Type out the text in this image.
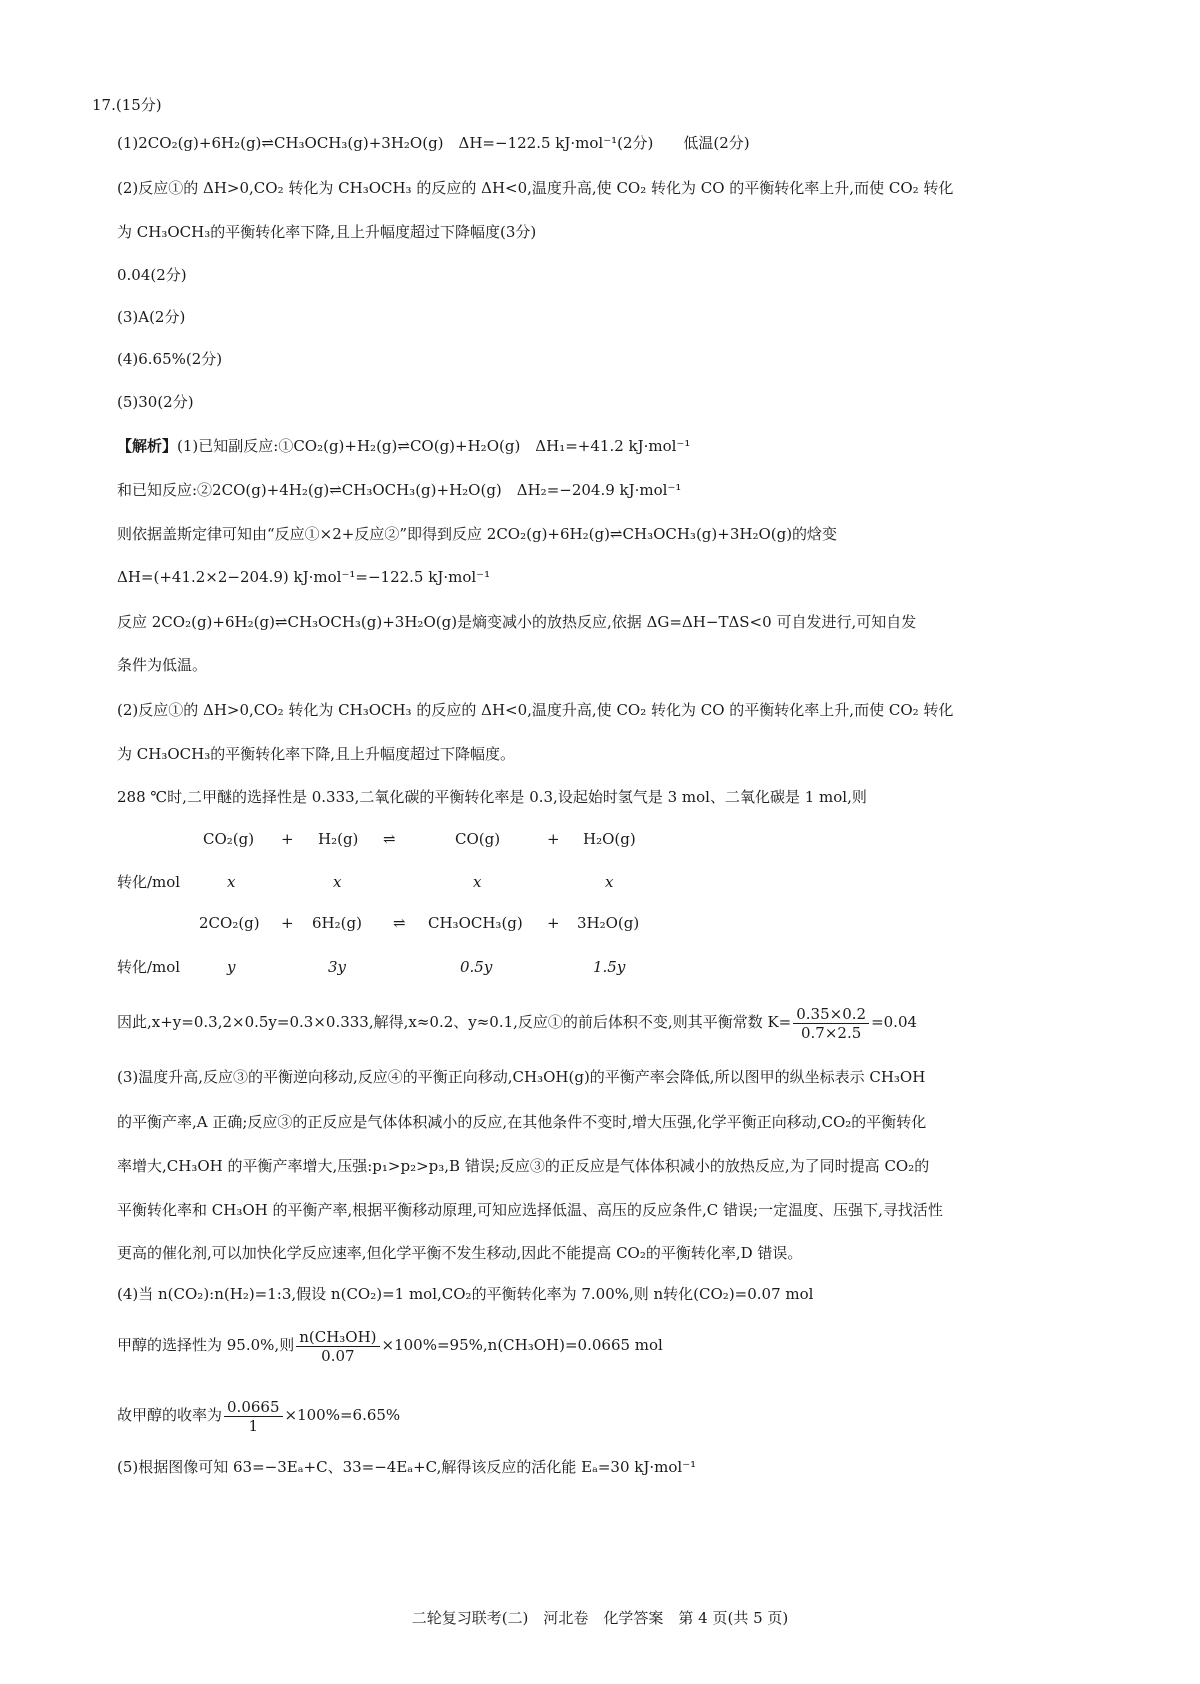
17.(15分)
(1)2CO₂(g)+6H₂(g)⇌CH₃OCH₃(g)+3H₂O(g)　ΔH=−122.5 kJ·mol⁻¹(2分)　　低温(2分)
(2)反应①的 ΔH>0,CO₂ 转化为 CH₃OCH₃ 的反应的 ΔH<0,温度升高,使 CO₂ 转化为 CO 的平衡转化率上升,而使 CO₂ 转化
为 CH₃OCH₃的平衡转化率下降,且上升幅度超过下降幅度(3分)
0.04(2分)
(3)A(2分)
(4)6.65%(2分)
(5)30(2分)
【解析】(1)已知副反应:①CO₂(g)+H₂(g)⇌CO(g)+H₂O(g)　ΔH₁=+41.2 kJ·mol⁻¹
和已知反应:②2CO(g)+4H₂(g)⇌CH₃OCH₃(g)+H₂O(g)　ΔH₂=−204.9 kJ·mol⁻¹
则依据盖斯定律可知由“反应①×2+反应②”即得到反应 2CO₂(g)+6H₂(g)⇌CH₃OCH₃(g)+3H₂O(g)的焓变
ΔH=(+41.2×2−204.9) kJ·mol⁻¹=−122.5 kJ·mol⁻¹
反应 2CO₂(g)+6H₂(g)⇌CH₃OCH₃(g)+3H₂O(g)是熵变减小的放热反应,依据 ΔG=ΔH−TΔS<0 可自发进行,可知自发
条件为低温。
(2)反应①的 ΔH>0,CO₂ 转化为 CH₃OCH₃ 的反应的 ΔH<0,温度升高,使 CO₂ 转化为 CO 的平衡转化率上升,而使 CO₂ 转化
为 CH₃OCH₃的平衡转化率下降,且上升幅度超过下降幅度。
288 ℃时,二甲醚的选择性是 0.333,二氧化碳的平衡转化率是 0.3,设起始时氢气是 3 mol、二氧化碳是 1 mol,则
CO₂(g) + H₂(g) ⇌	CO(g)	+ H₂O(g)
转化/mol	x	x	x	x
2CO₂(g) + 6H₂(g) ⇌ CH₃OCH₃(g) + 3H₂O(g)
转化/mol	y	3y	0.5y	1.5y
因此,x+y=0.3,2×0.5y=0.3×0.333,解得,x≈0.2、y≈0.1,反应①的前后体积不变,则其平衡常数 $K= \frac{0.35\times 0.2}{0.7\times 2.5} =0.04$
(3)温度升高,反应③的平衡逆向移动,反应④的平衡正向移动,CH₃OH(g)的平衡产率会降低,所以图甲的纵坐标表示 CH₃OH
的平衡产率,A 正确;反应③的正反应是气体体积减小的反应,在其他条件不变时,增大压强,化学平衡正向移动,CO₂的平衡转化
率增大,CH₃OH 的平衡产率增大,压强:p₁>p₂>p₃,B 错误;反应③的正反应是气体体积减小的放热反应,为了同时提高 CO₂的
平衡转化率和 CH₃OH 的平衡产率,根据平衡移动原理,可知应选择低温、高压的反应条件,C 错误;一定温度、压强下,寻找活性
更高的催化剂,可以加快化学反应速率,但化学平衡不发生移动,因此不能提高 CO₂的平衡转化率,D 错误。
(4)当 n(CO₂):n(H₂)=1:3,假设 n(CO₂)=1 mol,CO₂的平衡转化率为 7.00%,则 n转化(CO₂)=0.07 mol
甲醇的选择性为 95.0%,则 $\frac{\text{n(CH₃OH)}}{0.07} \times 100\%=95\%,n(CH_3OH)=0.0665$ mol
故甲醇的收率为 $\frac{0.0665}{1} \times 100\%=6.65\%$
(5)根据图像可知 63=−3Eₐ+C、33=−4Eₐ+C,解得该反应的活化能 Eₐ=30 kJ·mol⁻¹
二轮复习联考(二)　河北卷　化学答案　第 4 页(共 5 页)
